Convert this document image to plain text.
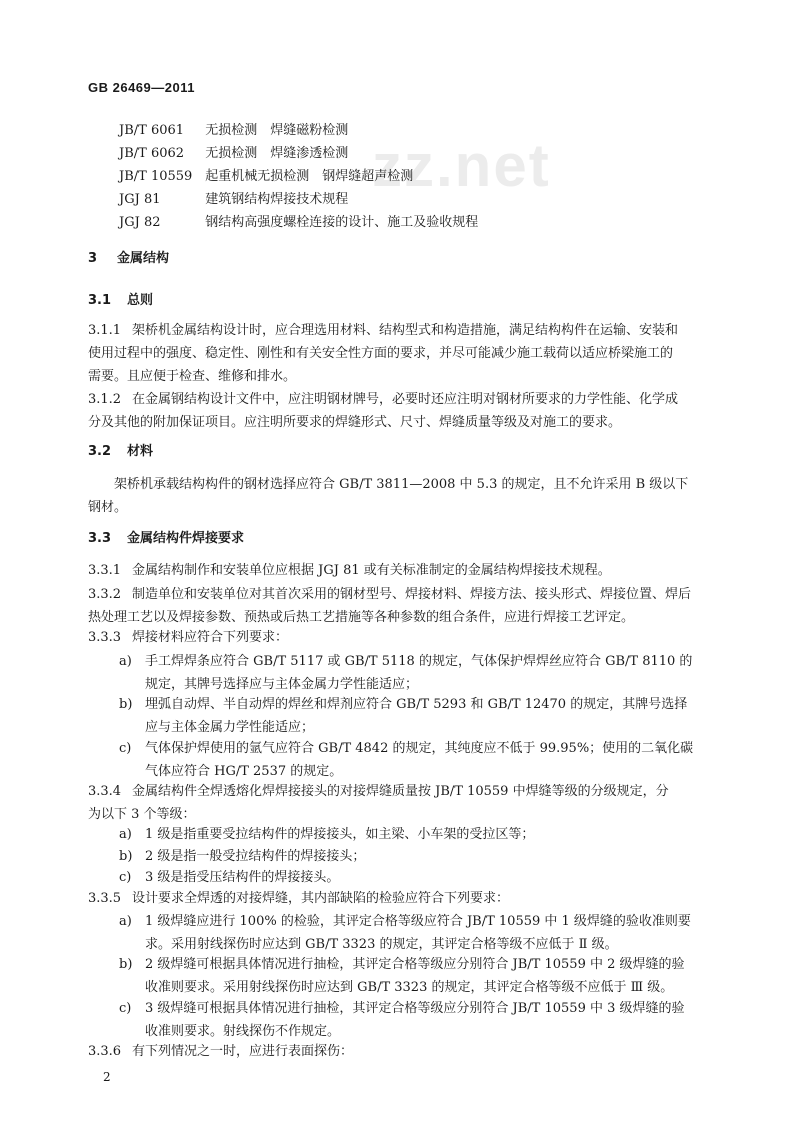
GB 26469—2011
zz.net
JB/T 6061 无损检测　焊缝磁粉检测
JB/T 6062 无损检测　焊缝渗透检测
JB/T 10559 起重机械无损检测　钢焊缝超声检测
JGJ 81	建筑钢结构焊接技术规程
JGJ 82	钢结构高强度螺栓连接的设计、施工及验收规程
3 金属结构
3.1 总则
3.1.1 架桥机金属结构设计时，应合理选用材料、结构型式和构造措施，满足结构构件在运输、安装和
使用过程中的强度、稳定性、刚性和有关安全性方面的要求，并尽可能减少施工载荷以适应桥梁施工的
需要。且应便于检查、维修和排水。
3.1.2 在金属钢结构设计文件中，应注明钢材牌号，必要时还应注明对钢材所要求的力学性能、化学成
分及其他的附加保证项目。应注明所要求的焊缝形式、尺寸、焊缝质量等级及对施工的要求。
3.2 材料
架桥机承载结构构件的钢材选择应符合 GB/T 3811—2008 中 5.3 的规定，且不允许采用 B 级以下
钢材。
3.3 金属结构件焊接要求
3.3.1 金属结构制作和安装单位应根据 JGJ 81 或有关标准制定的金属结构焊接技术规程。
3.3.2 制造单位和安装单位对其首次采用的钢材型号、焊接材料、焊接方法、接头形式、焊接位置、焊后
热处理工艺以及焊接参数、预热或后热工艺措施等各种参数的组合条件，应进行焊接工艺评定。
3.3.3 焊接材料应符合下列要求：
a) 手工焊焊条应符合 GB/T 5117 或 GB/T 5118 的规定，气体保护焊焊丝应符合 GB/T 8110 的
规定，其牌号选择应与主体金属力学性能适应；
b) 埋弧自动焊、半自动焊的焊丝和焊剂应符合 GB/T 5293 和 GB/T 12470 的规定，其牌号选择
应与主体金属力学性能适应；
c) 气体保护焊使用的氩气应符合 GB/T 4842 的规定，其纯度应不低于 99.95%；使用的二氧化碳
气体应符合 HG/T 2537 的规定。
3.3.4 金属结构件全焊透熔化焊焊接接头的对接焊缝质量按 JB/T 10559 中焊缝等级的分级规定，分
为以下 3 个等级：
a) 1 级是指重要受拉结构件的焊接接头，如主梁、小车架的受拉区等；
b) 2 级是指一般受拉结构件的焊接接头；
c) 3 级是指受压结构件的焊接接头。
3.3.5 设计要求全焊透的对接焊缝，其内部缺陷的检验应符合下列要求：
a) 1 级焊缝应进行 100% 的检验，其评定合格等级应符合 JB/T 10559 中 1 级焊缝的验收准则要
求。采用射线探伤时应达到 GB/T 3323 的规定，其评定合格等级不应低于 Ⅱ 级。
b) 2 级焊缝可根据具体情况进行抽检，其评定合格等级应分别符合 JB/T 10559 中 2 级焊缝的验
收准则要求。采用射线探伤时应达到 GB/T 3323 的规定，其评定合格等级不应低于 Ⅲ 级。
c) 3 级焊缝可根据具体情况进行抽检，其评定合格等级应分别符合 JB/T 10559 中 3 级焊缝的验
收准则要求。射线探伤不作规定。
3.3.6 有下列情况之一时，应进行表面探伤：
2
